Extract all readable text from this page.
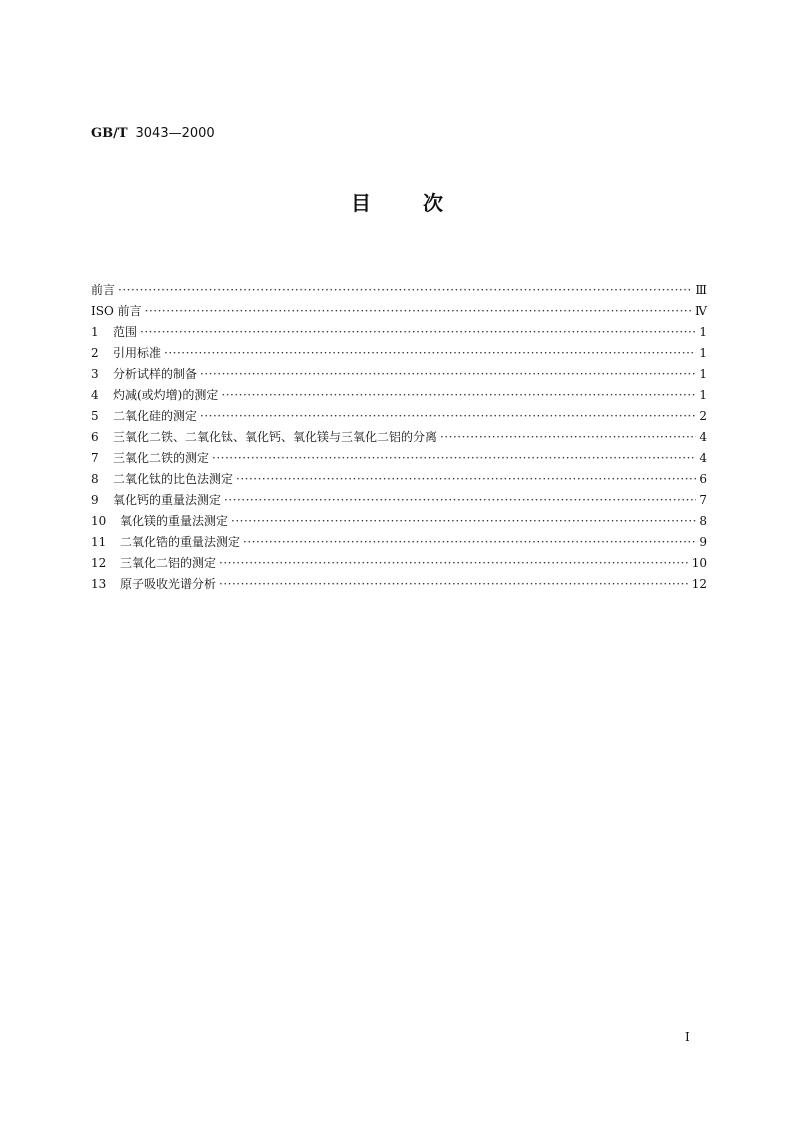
GB/T 3043—2000
目	次
前言 ·····	Ⅲ
ISO 前言 ·····	Ⅳ
1	范围 ·····	1
2	引用标准 ·····	1
3	分析试样的制备 ·····	1
4	灼减(或灼增)的测定 ·····	1
5	二氧化硅的测定 ·····	2
6	三氧化二铁、二氧化钛、氧化钙、氧化镁与三氧化二铝的分离 ·····	4
7	三氧化二铁的测定 ·····	4
8	二氧化钛的比色法测定 ·····	6
9	氧化钙的重量法测定 ·····	7
10	氧化镁的重量法测定 ·····	8
11	二氧化锆的重量法测定 ·····	9
12	三氧化二铝的测定 ·····	10
13	原子吸收光谱分析 ·····	12
I
